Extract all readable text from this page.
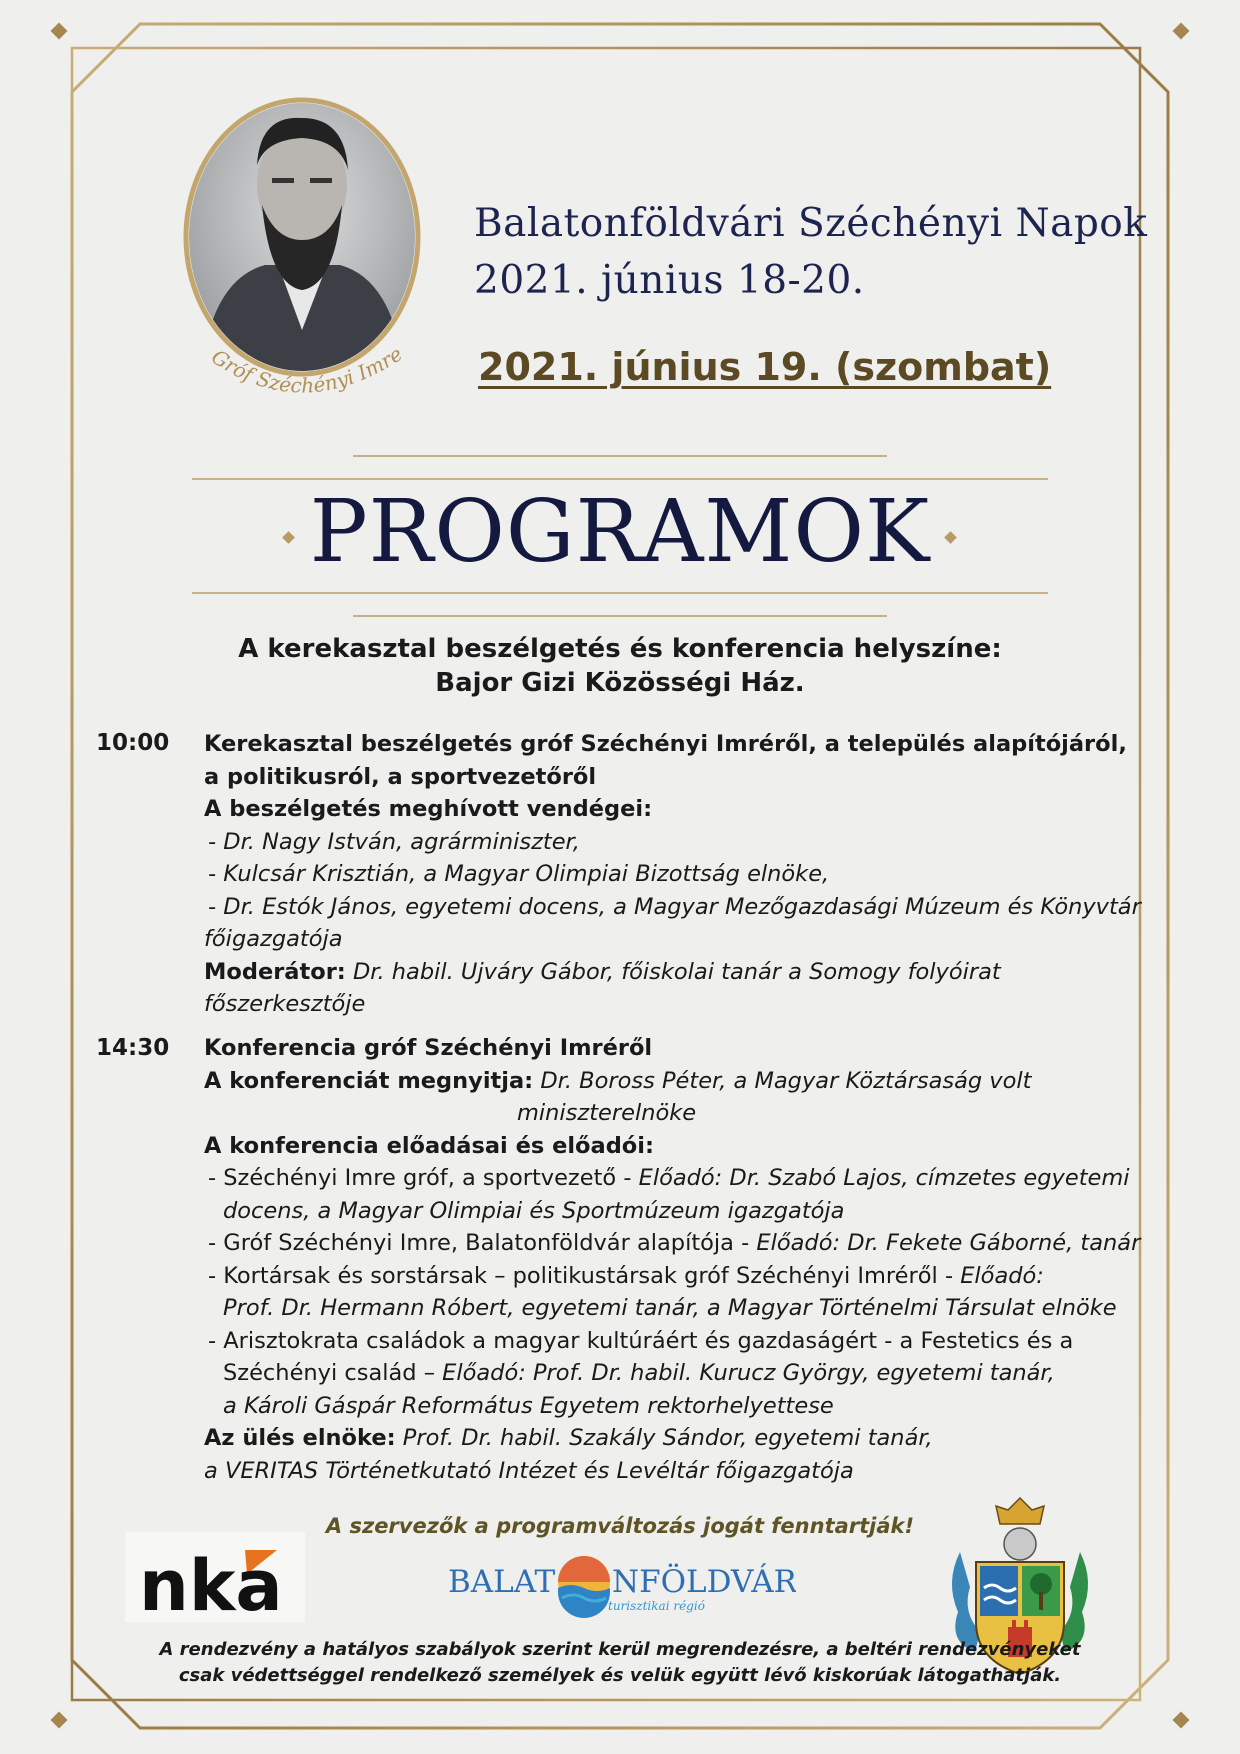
Gróf Széchényi Imre
Balatonföldvári Széchényi Napok
2021. június 18-20.
2021. június 19. (szombat)
PROGRAMOK
A kerekasztal beszélgetés és konferencia helyszíne:
Bajor Gizi Közösségi Ház.
10:00 Kerekasztal beszélgetés gróf Széchényi Imréről, a település alapítójáról,
a politikusról, a sportvezetőről
A beszélgetés meghívott vendégei:
- Dr. Nagy István, agrárminiszter,
- Kulcsár Krisztián, a Magyar Olimpiai Bizottság elnöke,
- Dr. Estók János, egyetemi docens, a Magyar Mezőgazdasági Múzeum és Könyvtár
főigazgatója
Moderátor: Dr. habil. Ujváry Gábor, főiskolai tanár a Somogy folyóirat
főszerkesztője
14:30 Konferencia gróf Széchényi Imréről
A konferenciát megnyitja: Dr. Boross Péter, a Magyar Köztársaság volt
miniszterelnöke
A konferencia előadásai és előadói:
- Széchényi Imre gróf, a sportvezető - Előadó: Dr. Szabó Lajos, címzetes egyetemi
docens, a Magyar Olimpiai és Sportmúzeum igazgatója
- Gróf Széchényi Imre, Balatonföldvár alapítója - Előadó: Dr. Fekete Gáborné, tanár
- Kortársak és sorstársak – politikustársak gróf Széchényi Imréről - Előadó:
Prof. Dr. Hermann Róbert, egyetemi tanár, a Magyar Történelmi Társulat elnöke
- Arisztokrata családok a magyar kultúráért és gazdaságért - a Festetics és a
Széchényi család – Előadó: Prof. Dr. habil. Kurucz György, egyetemi tanár,
a Károli Gáspár Református Egyetem rektorhelyettese
Az ülés elnöke: Prof. Dr. habil. Szakály Sándor, egyetemi tanár,
a VERITAS Történetkutató Intézet és Levéltár főigazgatója
A szervezők a programváltozás jogát fenntartják!
nka	BALAT NFÖLDVÁR
turisztikai régió
A rendezvény a hatályos szabályok szerint kerül megrendezésre, a beltéri rendezvényeket
csak védettséggel rendelkező személyek és velük együtt lévő kiskorúak látogathatják.
